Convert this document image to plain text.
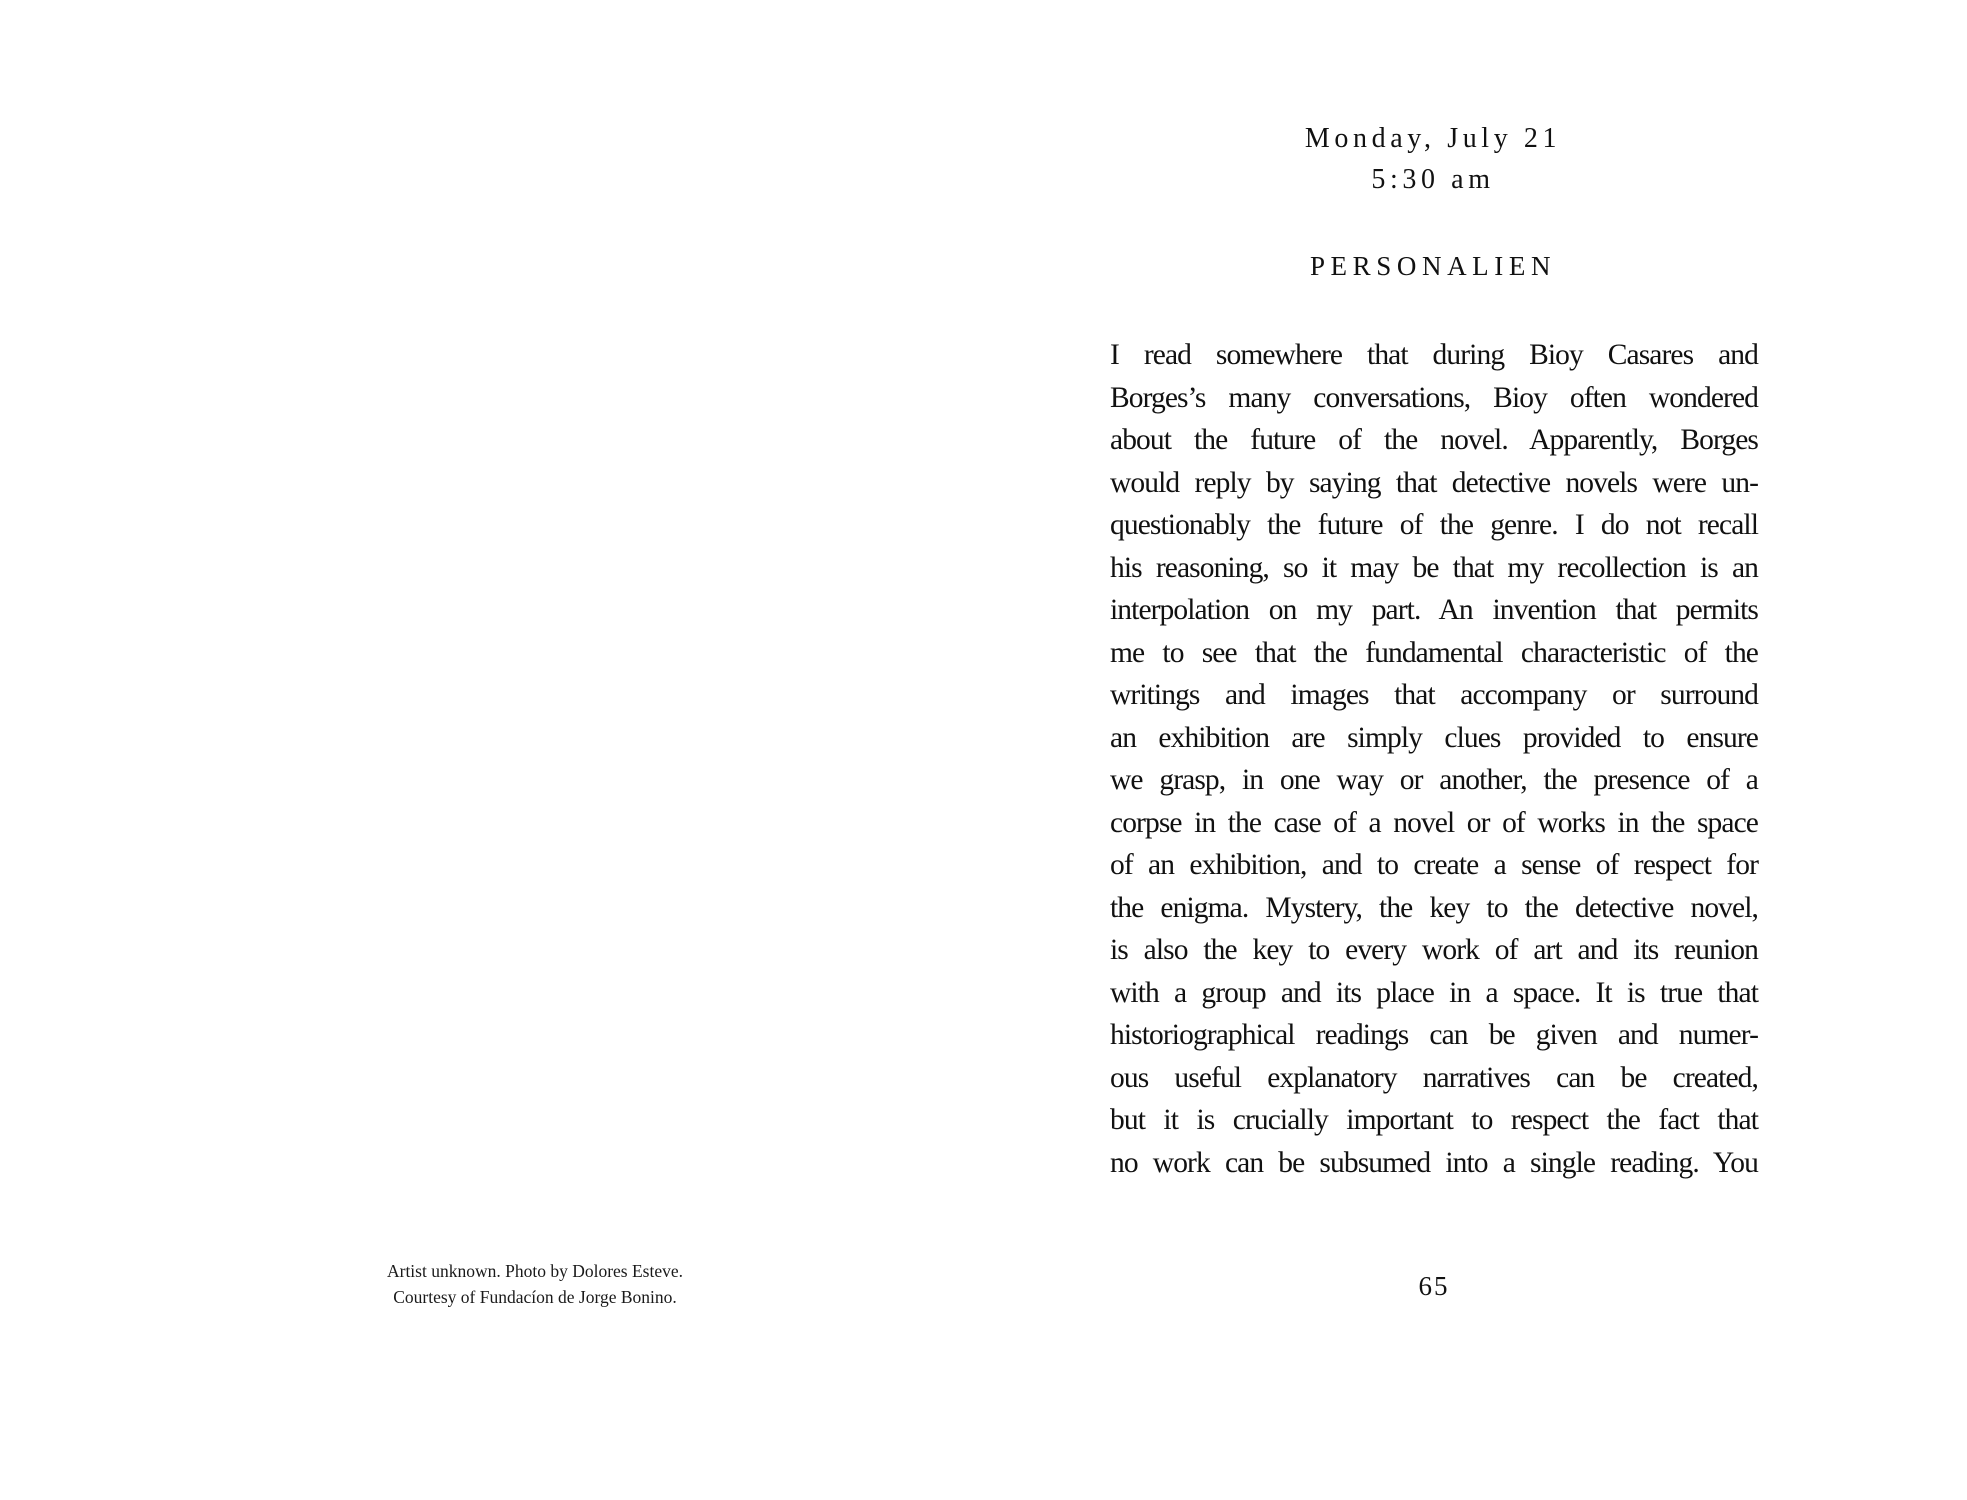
Artist unknown. Photo by Dolores Esteve.
Courtesy of Fundacíon de Jorge Bonino.
Monday, July 21
5:30 am
PERSONALIEN
I read somewhere that during Bioy Casares and
Borges’s many conversations, Bioy often wondered
about the future of the novel. Apparently, Borges
would reply by saying that detective novels were un-
questionably the future of the genre. I do not recall
his reasoning, so it may be that my recollection is an
interpolation on my part. An invention that permits
me to see that the fundamental characteristic of the
writings and images that accompany or surround
an exhibition are simply clues provided to ensure
we grasp, in one way or another, the presence of a
corpse in the case of a novel or of works in the space
of an exhibition, and to create a sense of respect for
the enigma. Mystery, the key to the detective novel,
is also the key to every work of art and its reunion
with a group and its place in a space. It is true that
historiographical readings can be given and numer-
ous useful explanatory narratives can be created,
but it is crucially important to respect the fact that
no work can be subsumed into a single reading. You
65
